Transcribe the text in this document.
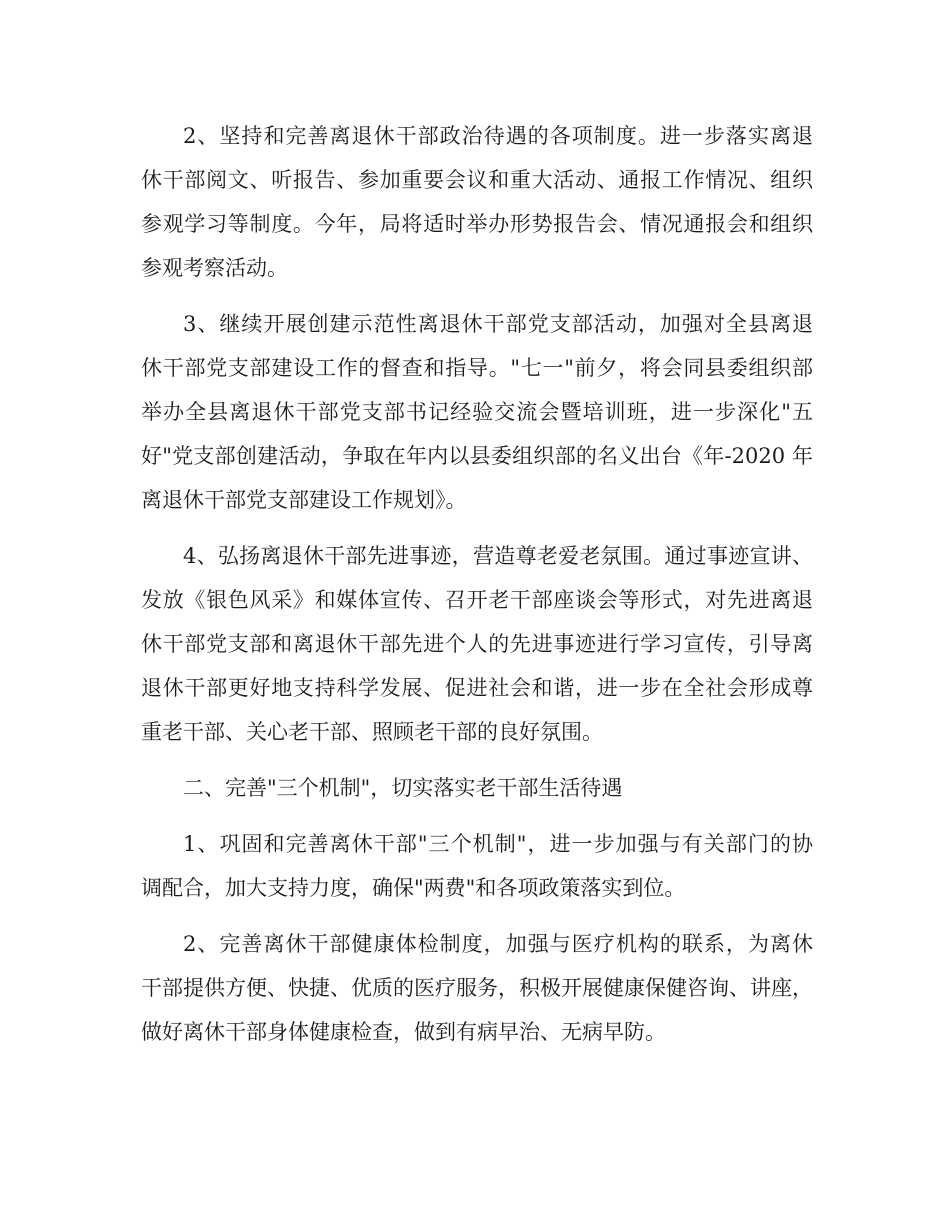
2、坚持和完善离退休干部政治待遇的各项制度。进一步落实离退

休干部阅文、听报告、参加重要会议和重大活动、通报工作情况、组织

参观学习等制度。今年，局将适时举办形势报告会、情况通报会和组织

参观考察活动。

3、继续开展创建示范性离退休干部党支部活动，加强对全县离退

休干部党支部建设工作的督查和指导。"七一"前夕，将会同县委组织部

举办全县离退休干部党支部书记经验交流会暨培训班，进一步深化"五

好"党支部创建活动，争取在年内以县委组织部的名义出台《年-2020 年

离退休干部党支部建设工作规划》。

4、弘扬离退休干部先进事迹，营造尊老爱老氛围。通过事迹宣讲、

发放《银色风采》和媒体宣传、召开老干部座谈会等形式，对先进离退

休干部党支部和离退休干部先进个人的先进事迹进行学习宣传，引导离

退休干部更好地支持科学发展、促进社会和谐，进一步在全社会形成尊

重老干部、关心老干部、照顾老干部的良好氛围。

二、完善"三个机制"，切实落实老干部生活待遇

1、巩固和完善离休干部"三个机制"，进一步加强与有关部门的协

调配合，加大支持力度，确保"两费"和各项政策落实到位。

2、完善离休干部健康体检制度，加强与医疗机构的联系，为离休

干部提供方便、快捷、优质的医疗服务，积极开展健康保健咨询、讲座，

做好离休干部身体健康检查，做到有病早治、无病早防。
